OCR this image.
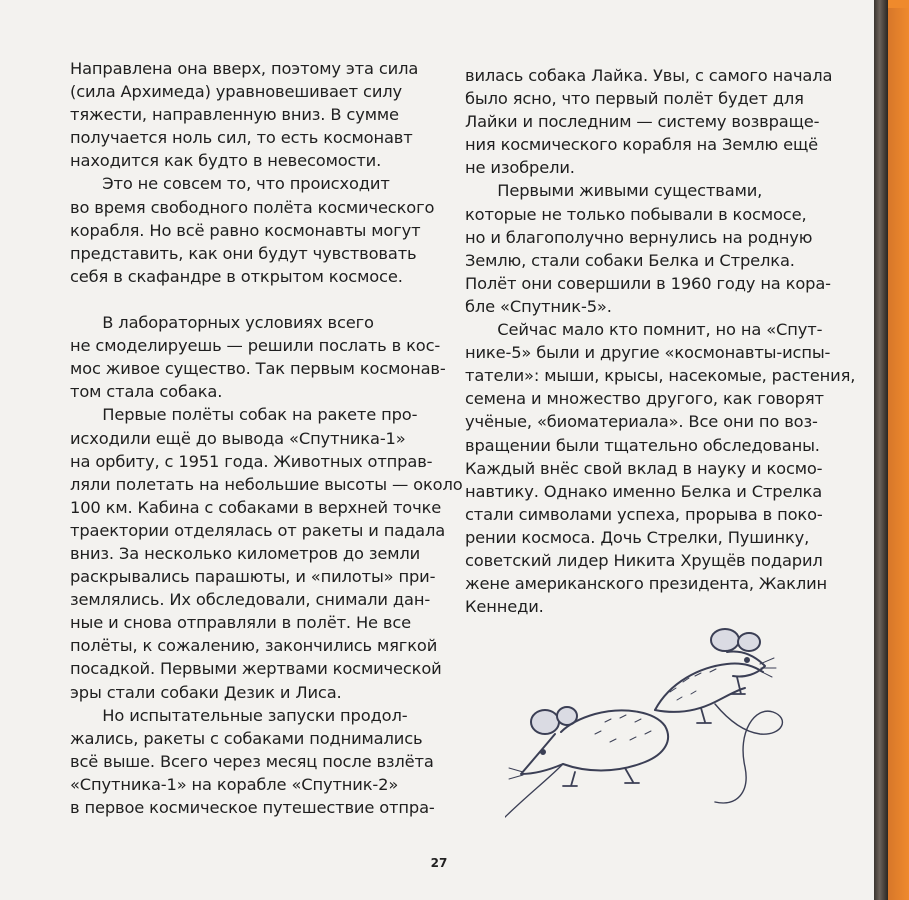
Направлена она вверх, поэтому эта сила
(сила Архимеда) уравновешивает силу
тяжести, направленную вниз. В сумме
получается ноль сил, то есть космонавт
находится как будто в невесомости.
  Это не совсем то, что происходит
во время свободного полёта космического
корабля. Но всё равно космонавты могут
представить, как они будут чувствовать
себя в скафандре в открытом космосе.
  В лабораторных условиях всего
не смоделируешь — решили послать в кос-
мос живое существо. Так первым космонав-
том стала собака.
  Первые полёты собак на ракете про-
исходили ещё до вывода «Спутника-1»
на орбиту, с 1951 года. Животных отправ-
ляли полетать на небольшие высоты — около
100 км. Кабина с собаками в верхней точке
траектории отделялась от ракеты и падала
вниз. За несколько километров до земли
раскрывались парашюты, и «пилоты» при-
землялись. Их обследовали, снимали дан-
ные и снова отправляли в полёт. Не все
полёты, к сожалению, закончились мягкой
посадкой. Первыми жертвами космической
эры стали собаки Дезик и Лиса.
  Но испытательные запуски продол-
жались, ракеты с собаками поднимались
всё выше. Всего через месяц после взлёта
«Спутника-1» на корабле «Спутник-2»
в первое космическое путешествие отпра-
вилась собака Лайка. Увы, с самого начала
было ясно, что первый полёт будет для
Лайки и последним — систему возвраще-
ния космического корабля на Землю ещё
не изобрели.
  Первыми живыми существами,
которые не только побывали в космосе,
но и благополучно вернулись на родную
Землю, стали собаки Белка и Стрелка.
Полёт они совершили в 1960 году на кора-
бле «Спутник-5».
  Сейчас мало кто помнит, но на «Спут-
нике-5» были и другие «космонавты-испы-
татели»: мыши, крысы, насекомые, растения,
семена и множество другого, как говорят
учёные, «биоматериала». Все они по воз-
вращении были тщательно обследованы.
Каждый внёс свой вклад в науку и космо-
навтику. Однако именно Белка и Стрелка
стали символами успеха, прорыва в поко-
рении космоса. Дочь Стрелки, Пушинку,
советский лидер Никита Хрущёв подарил
жене американского президента, Жаклин
Кеннеди.
27
